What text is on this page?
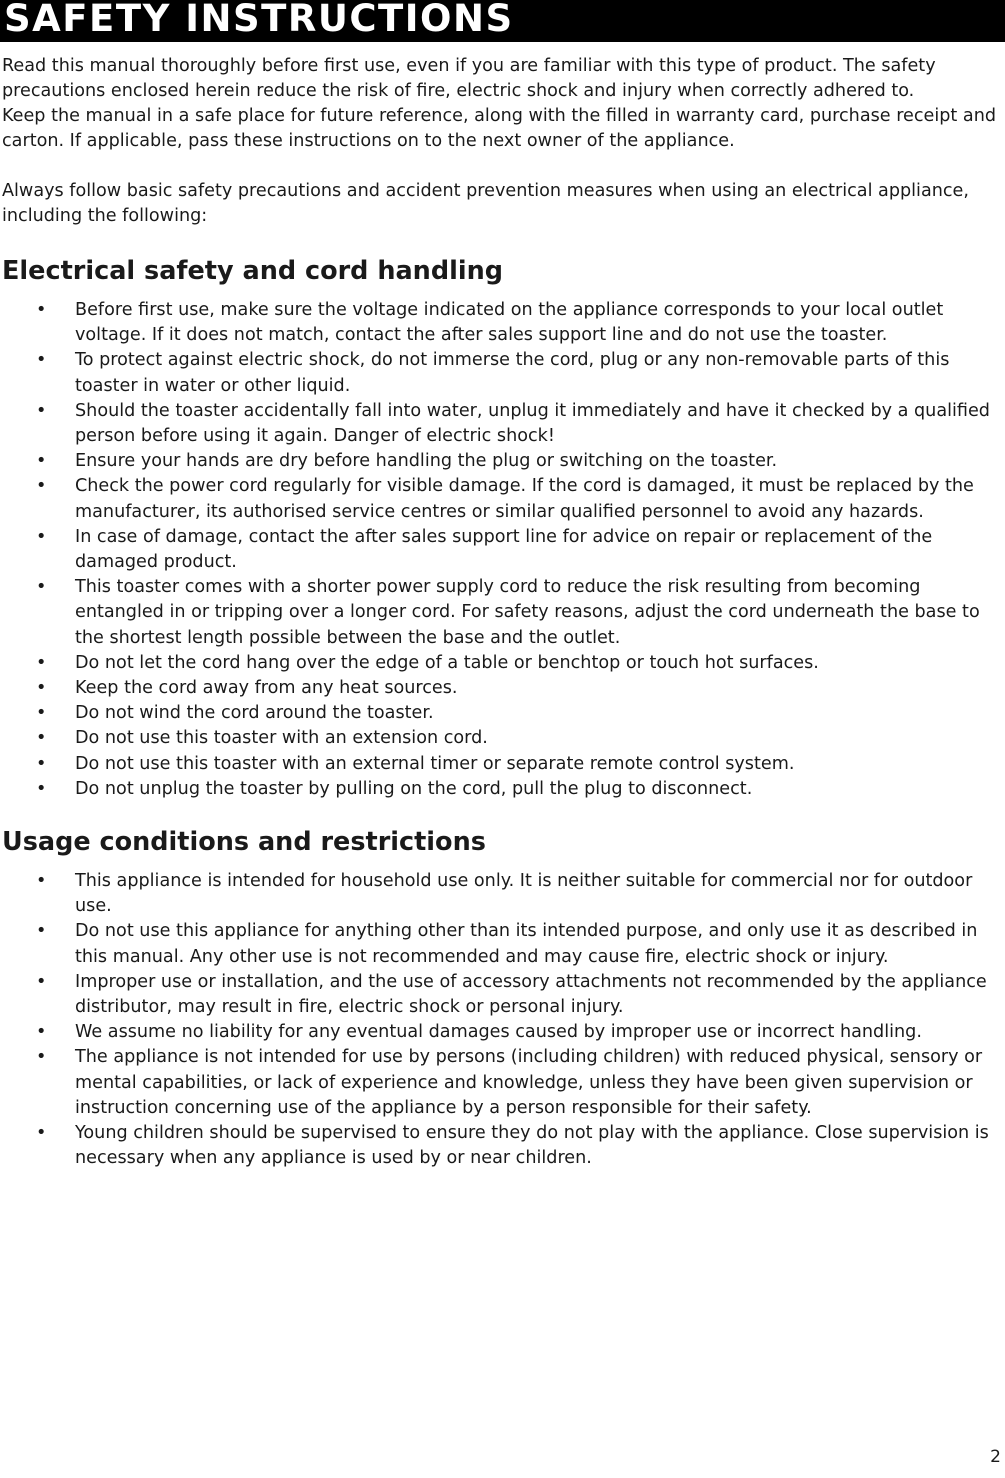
SAFETY INSTRUCTIONS

Read this manual thoroughly before first use, even if you are familiar with this type of product. The safety precautions enclosed herein reduce the risk of fire, electric shock and injury when correctly adhered to.

Keep the manual in a safe place for future reference, along with the filled in warranty card, purchase receipt and carton. If applicable, pass these instructions on to the next owner of the appliance.

Always follow basic safety precautions and accident prevention measures when using an electrical appliance, including the following:

Electrical safety and cord handling
• Before first use, make sure the voltage indicated on the appliance corresponds to your local outlet voltage. If it does not match, contact the after sales support line and do not use the toaster.
• To protect against electric shock, do not immerse the cord, plug or any non-removable parts of this toaster in water or other liquid.
• Should the toaster accidentally fall into water, unplug it immediately and have it checked by a qualified person before using it again. Danger of electric shock!
• Ensure your hands are dry before handling the plug or switching on the toaster.
• Check the power cord regularly for visible damage. If the cord is damaged, it must be replaced by the manufacturer, its authorised service centres or similar qualified personnel to avoid any hazards.
• In case of damage, contact the after sales support line for advice on repair or replacement of the damaged product.
• This toaster comes with a shorter power supply cord to reduce the risk resulting from becoming entangled in or tripping over a longer cord. For safety reasons, adjust the cord underneath the base to the shortest length possible between the base and the outlet.
• Do not let the cord hang over the edge of a table or benchtop or touch hot surfaces.
• Keep the cord away from any heat sources.
• Do not wind the cord around the toaster.
• Do not use this toaster with an extension cord.
• Do not use this toaster with an external timer or separate remote control system.
• Do not unplug the toaster by pulling on the cord, pull the plug to disconnect.
Usage conditions and restrictions
• This appliance is intended for household use only. It is neither suitable for commercial nor for outdoor use.
• Do not use this appliance for anything other than its intended purpose, and only use it as described in this manual. Any other use is not recommended and may cause fire, electric shock or injury.
• Improper use or installation, and the use of accessory attachments not recommended by the appliance distributor, may result in fire, electric shock or personal injury.
• We assume no liability for any eventual damages caused by improper use or incorrect handling.
• The appliance is not intended for use by persons (including children) with reduced physical, sensory or mental capabilities, or lack of experience and knowledge, unless they have been given supervision or instruction concerning use of the appliance by a person responsible for their safety.
• Young children should be supervised to ensure they do not play with the appliance. Close supervision is necessary when any appliance is used by or near children.
2
